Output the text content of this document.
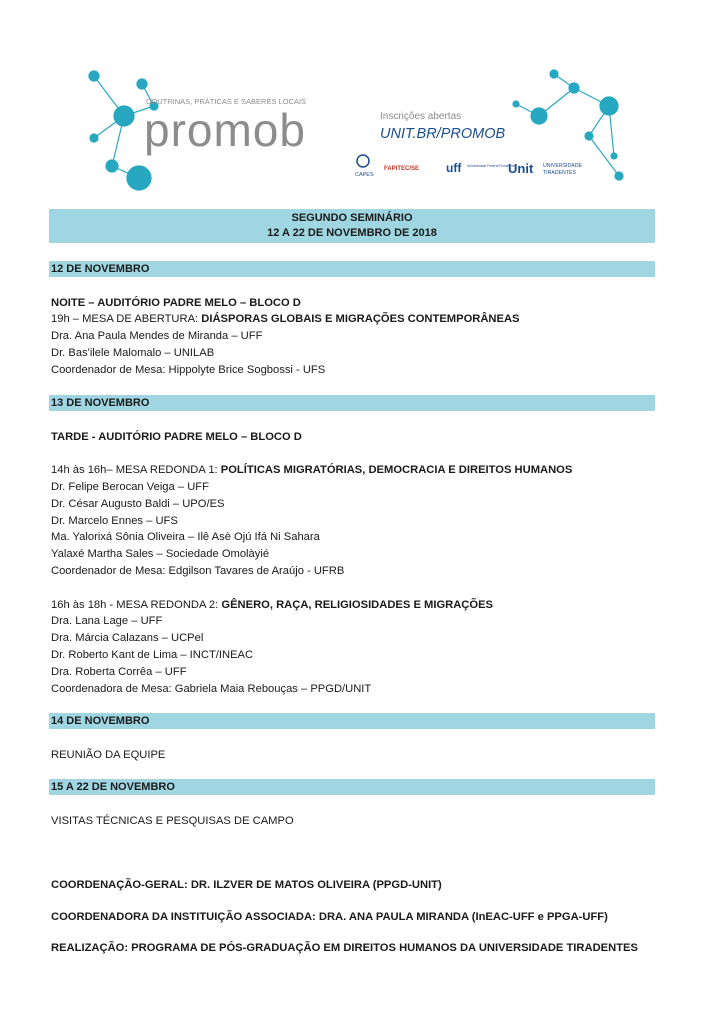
DOUTRINAS, PRÁTICAS E SABERES LOCAIS
promob	Inscrições abertas
UNIT.BR/PROMOB
CAPES
FAPITEC/SE uff	Universidade Federal Fluminense
Unit UNIVERSIDADE
TIRADENTES
SEGUNDO SEMINÁRIO
12 A 22 DE NOVEMBRO DE 2018
12 DE NOVEMBRO
NOITE – AUDITÓRIO PADRE MELO – BLOCO D
19h – MESA DE ABERTURA: DIÁSPORAS GLOBAIS E MIGRAÇÕES CONTEMPORÂNEAS
Dra. Ana Paula Mendes de Miranda – UFF
Dr. Bas'ilele Malomalo – UNILAB
Coordenador de Mesa: Hippolyte Brice Sogbossi - UFS
13 DE NOVEMBRO
TARDE - AUDITÓRIO PADRE MELO – BLOCO D
14h às 16h– MESA REDONDA 1: POLÍTICAS MIGRATÓRIAS, DEMOCRACIA E DIREITOS HUMANOS
Dr. Felipe Berocan Veiga – UFF
Dr. César Augusto Baldi – UPO/ES
Dr. Marcelo Ennes – UFS
Ma. Yalorixá Sônia Oliveira – Ilê Asè Ojú Ifá Ni Sahara
Yalaxé Martha Sales – Sociedade Omolàyié
Coordenador de Mesa: Edgilson Tavares de Araújo - UFRB
16h às 18h - MESA REDONDA 2: GÊNERO, RAÇA, RELIGIOSIDADES E MIGRAÇÕES
Dra. Lana Lage – UFF
Dra. Márcia Calazans – UCPel
Dr. Roberto Kant de Lima – INCT/INEAC
Dra. Roberta Corrêa – UFF
Coordenadora de Mesa: Gabriela Maia Rebouças – PPGD/UNIT
14 DE NOVEMBRO
REUNIÃO DA EQUIPE
15 A 22 DE NOVEMBRO
VISITAS TÉCNICAS E PESQUISAS DE CAMPO
COORDENAÇÃO-GERAL: DR. ILZVER DE MATOS OLIVEIRA (PPGD-UNIT)
COORDENADORA DA INSTITUIÇÃO ASSOCIADA: DRA. ANA PAULA MIRANDA (InEAC-UFF e PPGA-UFF)
REALIZAÇÃO: PROGRAMA DE PÓS-GRADUAÇÃO EM DIREITOS HUMANOS DA UNIVERSIDADE TIRADENTES
